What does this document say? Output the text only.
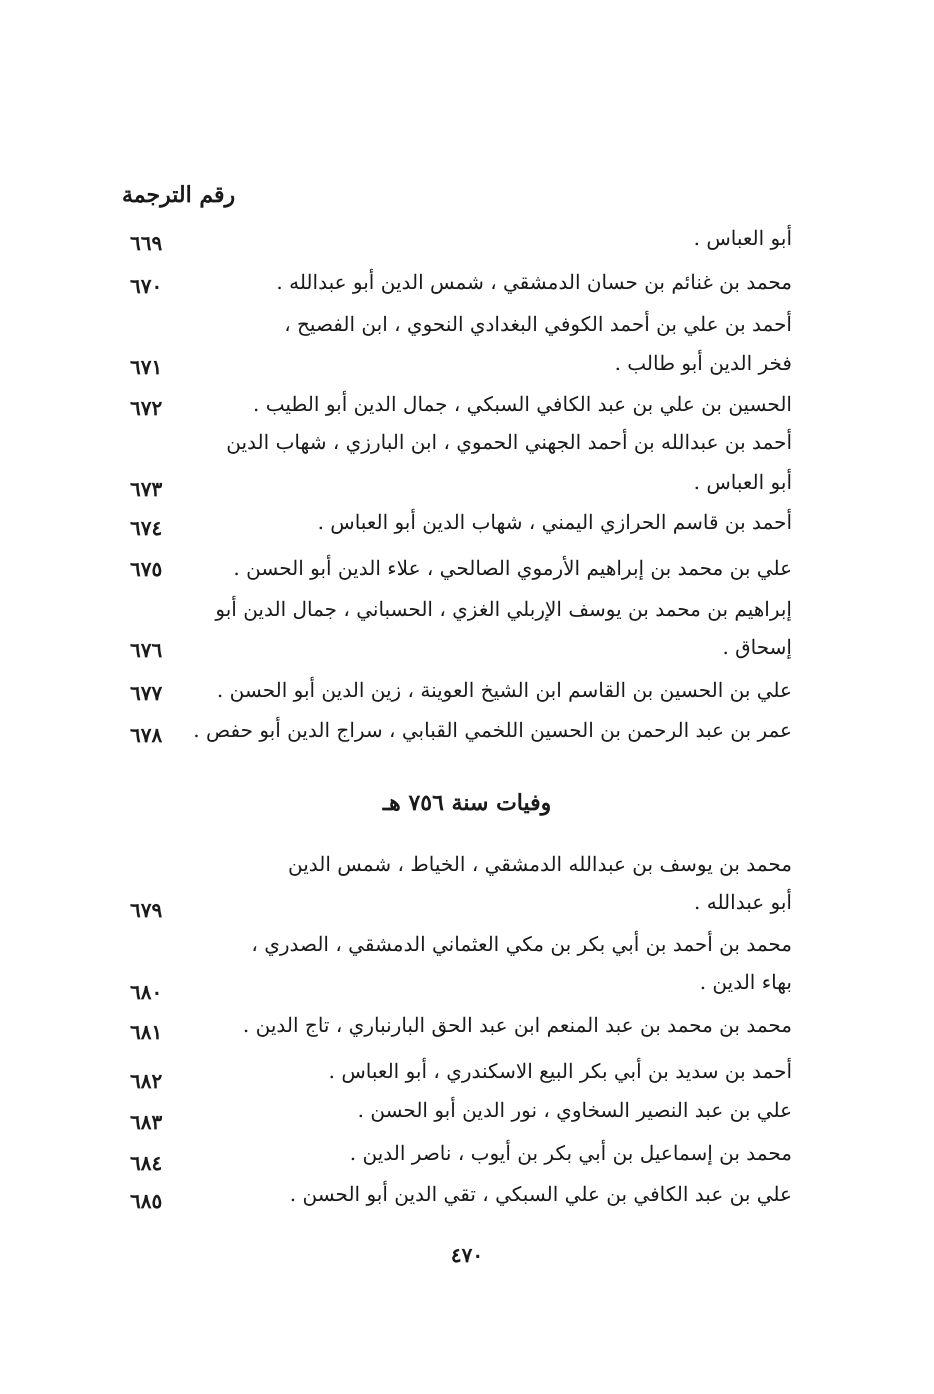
رقم الترجمة
أبو العباس .
محمد بن غنائم بن حسان الدمشقي ، شمس الدين أبو عبدالله .
أحمد بن علي بن أحمد الكوفي البغدادي النحوي ، ابن الفصيح ،
فخر الدين أبو طالب .
الحسين بن علي بن عبد الكافي السبكي ، جمال الدين أبو الطيب .
أحمد بن عبدالله بن أحمد الجهني الحموي ، ابن البارزي ، شهاب الدين
أبو العباس .
أحمد بن قاسم الحرازي اليمني ، شهاب الدين أبو العباس .
علي بن محمد بن إبراهيم الأرموي الصالحي ، علاء الدين أبو الحسن .
إبراهيم بن محمد بن يوسف الإربلي الغزي ، الحسباني ، جمال الدين أبو
إسحاق .
علي بن الحسين بن القاسم ابن الشيخ العوينة ، زين الدين أبو الحسن .
عمر بن عبد الرحمن بن الحسين اللخمي القبابي ، سراج الدين أبو حفص .
٦٦٩
٦٧٠
٦٧١
٦٧٢
٦٧٣
٦٧٤
٦٧٥
٦٧٦
٦٧٧
٦٧٨
وفيات سنة ٧٥٦ هـ
محمد بن يوسف بن عبدالله الدمشقي ، الخياط ، شمس الدين
أبو عبدالله .
محمد بن أحمد بن أبي بكر بن مكي العثماني الدمشقي ، الصدري ،
بهاء الدين .
محمد بن محمد بن عبد المنعم ابن عبد الحق البارنباري ، تاج الدين .
أحمد بن سديد بن أبي بكر البيع الاسكندري ، أبو العباس .
علي بن عبد النصير السخاوي ، نور الدين أبو الحسن .
محمد بن إسماعيل بن أبي بكر بن أيوب ، ناصر الدين .
علي بن عبد الكافي بن علي السبكي ، تقي الدين أبو الحسن .
٦٧٩
٦٨٠
٦٨١
٦٨٢
٦٨٣
٦٨٤
٦٨٥
٤٧٠
